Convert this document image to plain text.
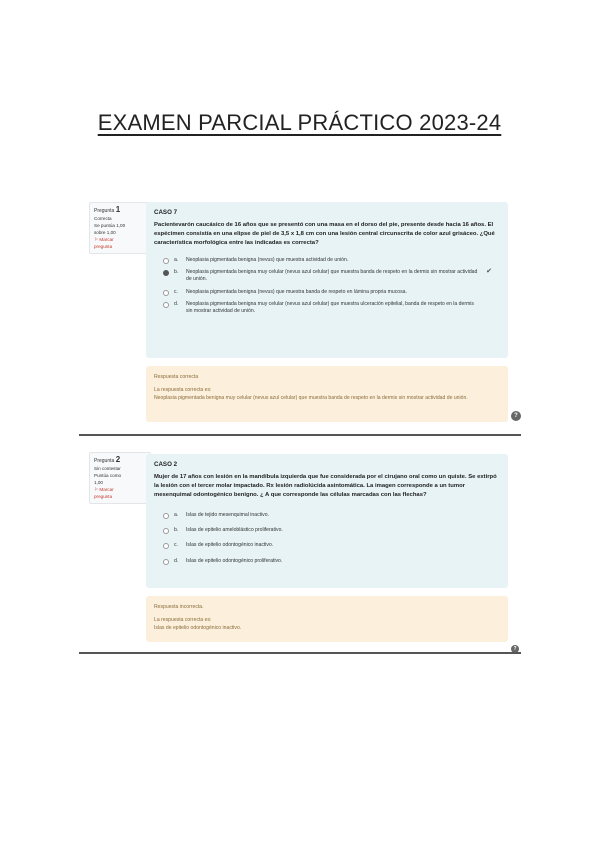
EXAMEN PARCIAL PRÁCTICO 2023-24
Pregunta 1
Correcta
Se puntúa 1,00
sobre 1,00
⚐ Marcar
pregunta
CASO 7
Pacientevarón caucásico de 16 años que se presentó con una masa en el dorso del pie, presente desde hacia 16 años. El espécimen consistía en una elipse de piel de 3,5 x 1,8 cm con una lesión central circunscrita de color azul grisáceo. ¿Qué característica morfológica entre las indicadas es correcta?
a. Neoplasia pigmentada benigna (nevus) que muestra actividad de unión.
b. Neoplasia pigmentada benigna muy celular (nevus azul celular) que muestra banda de respeto en la dermis sin mostrar actividad de unión.
✔
c. Neoplasia pigmentada benigna (nevus) que muestra banda de respeto en lámina propria mucosa.
d. Neoplasia pigmentada benigna muy celular (nevus azul celular) que muestra ulceración epitelial, banda de respeto en la dermis sin mostrar actividad de unión.
Respuesta correcta
La respuesta correcta es:
Neoplasia pigmentada benigna muy celular (nevus azul celular) que muestra banda de respeto en la dermis sin mostrar actividad de unión.
?
Pregunta 2
Sin contestar
Puntúa como
1,00
⚐ Marcar
pregunta
CASO 2
Mujer de 17 años con lesión en la mandíbula izquierda que fue considerada por el cirujano oral como un quiste. Se extirpó la lesión con el tercer molar impactado. Rx lesión radiolúcida asintomática. La imagen corresponde a un tumor mesenquimal odontogénico benigno. ¿ A que corresponde las células marcadas con las flechas?
a. Islas de tejido mesenquimal inactivo.
b. Islas de epitelio ameloblástico proliferativo.
c. Islas de epitelio odontogénico inactivo.
d. Islas de epitelio odontogénico proliferativo.
Respuesta incorrecta.
La respuesta correcta es:
Islas de epitelio odontogénico inactivo.
?
